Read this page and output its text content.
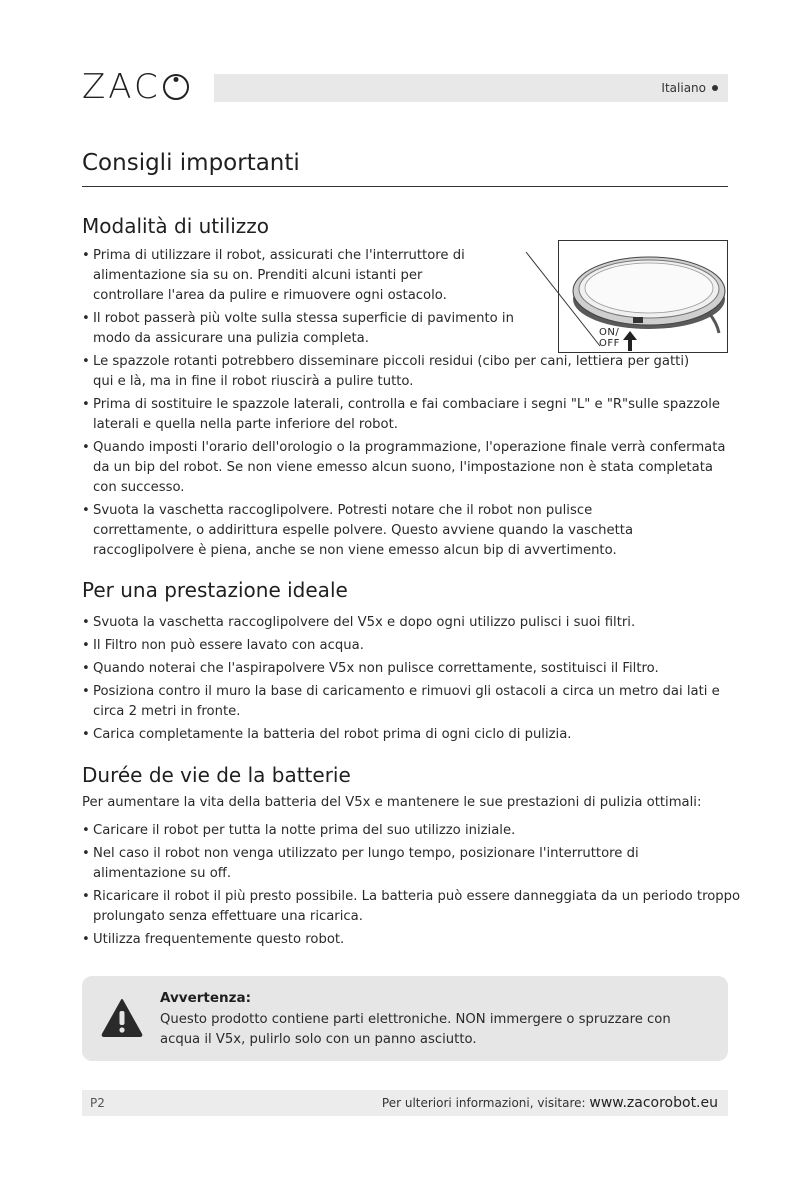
ZAC	Italiano
Consigli importanti
Modalità di utilizzo
• Prima di utilizzare il robot, assicurati che l'interruttore di alimentazione sia su on. Prenditi alcuni istanti per controllare l'area da pulire e rimuovere ogni ostacolo.
• Il robot passerà più volte sulla stessa superficie di pavimento in modo da assicurare una pulizia completa.
• Le spazzole rotanti potrebbero disseminare piccoli residui (cibo per cani, lettiera per gatti) qui e là, ma in fine il robot riuscirà a pulire tutto.
• Prima di sostituire le spazzole laterali, controlla e fai combaciare i segni "L" e "R"sulle spazzole laterali e quella nella parte inferiore del robot.
• Quando imposti l'orario dell'orologio o la programmazione, l'operazione finale verrà confermata da un bip del robot. Se non viene emesso alcun suono, l'impostazione non è stata completata con successo.
• Svuota la vaschetta raccoglipolvere. Potresti notare che il robot non pulisce correttamente, o addirittura espelle polvere. Questo avviene quando la vaschetta raccoglipolvere è piena, anche se non viene emesso alcun bip di avvertimento.
ON/
OFF
Per una prestazione ideale
• Svuota la vaschetta raccoglipolvere del V5x e dopo ogni utilizzo pulisci i suoi filtri.
• Il Filtro non può essere lavato con acqua.
• Quando noterai che l'aspirapolvere V5x non pulisce correttamente, sostituisci il Filtro.
• Posiziona contro il muro la base di caricamento e rimuovi gli ostacoli a circa un metro dai lati e circa 2 metri in fronte.
• Carica completamente la batteria del robot prima di ogni ciclo di pulizia.
Durée de vie de la batterie
Per aumentare la vita della batteria del V5x e mantenere le sue prestazioni di pulizia ottimali:
• Caricare il robot per tutta la notte prima del suo utilizzo iniziale.
• Nel caso il robot non venga utilizzato per lungo tempo, posizionare l'interruttore di alimentazione su off.
• Ricaricare il robot il più presto possibile. La batteria può essere danneggiata da un periodo troppo prolungato senza effettuare una ricarica.
• Utilizza frequentemente questo robot.
Avvertenza:
Questo prodotto contiene parti elettroniche. NON immergere o spruzzare con acqua il V5x, pulirlo solo con un panno asciutto.
P2	Per ulteriori informazioni, visitare: www.zacorobot.eu
